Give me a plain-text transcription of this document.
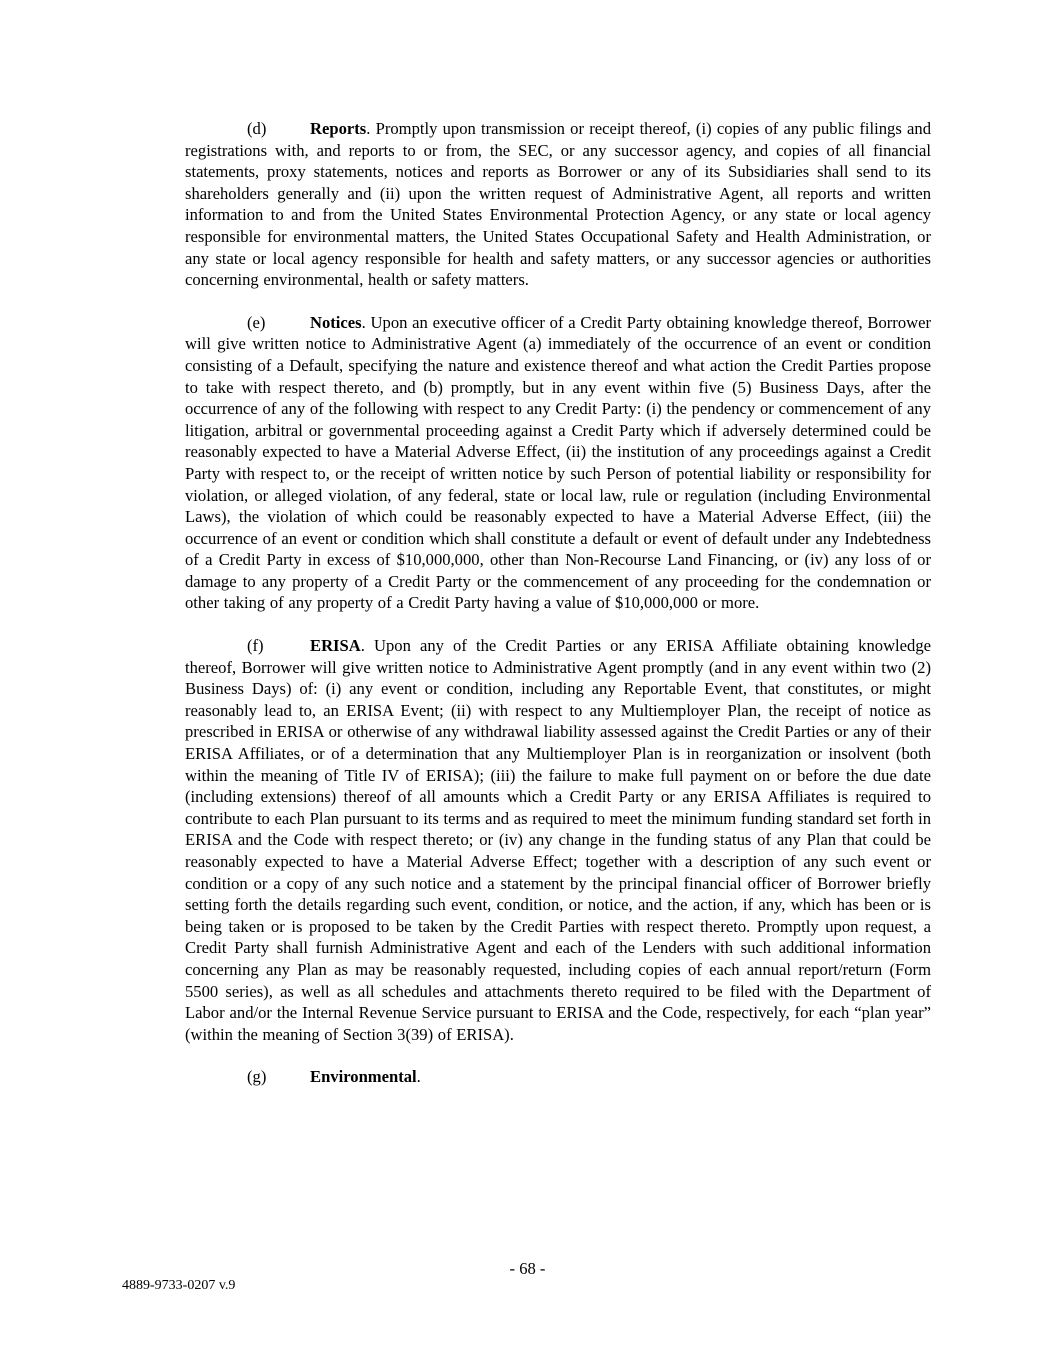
(d)	Reports. Promptly upon transmission or receipt thereof, (i) copies of any public filings and registrations with, and reports to or from, the SEC, or any successor agency, and copies of all financial statements, proxy statements, notices and reports as Borrower or any of its Subsidiaries shall send to its shareholders generally and (ii) upon the written request of Administrative Agent, all reports and written information to and from the United States Environmental Protection Agency, or any state or local agency responsible for environmental matters, the United States Occupational Safety and Health Administration, or any state or local agency responsible for health and safety matters, or any successor agencies or authorities concerning environmental, health or safety matters.

(e)	Notices. Upon an executive officer of a Credit Party obtaining knowledge thereof, Borrower will give written notice to Administrative Agent (a) immediately of the occurrence of an event or condition consisting of a Default, specifying the nature and existence thereof and what action the Credit Parties propose to take with respect thereto, and (b) promptly, but in any event within five (5) Business Days, after the occurrence of any of the following with respect to any Credit Party: (i) the pendency or commencement of any litigation, arbitral or governmental proceeding against a Credit Party which if adversely determined could be reasonably expected to have a Material Adverse Effect, (ii) the institution of any proceedings against a Credit Party with respect to, or the receipt of written notice by such Person of potential liability or responsibility for violation, or alleged violation, of any federal, state or local law, rule or regulation (including Environmental Laws), the violation of which could be reasonably expected to have a Material Adverse Effect, (iii) the occurrence of an event or condition which shall constitute a default or event of default under any Indebtedness of a Credit Party in excess of $10,000,000, other than Non-Recourse Land Financing, or (iv) any loss of or damage to any property of a Credit Party or the commencement of any proceeding for the condemnation or other taking of any property of a Credit Party having a value of $10,000,000 or more.

(f)	ERISA. Upon any of the Credit Parties or any ERISA Affiliate obtaining knowledge thereof, Borrower will give written notice to Administrative Agent promptly (and in any event within two (2) Business Days) of: (i) any event or condition, including any Reportable Event, that constitutes, or might reasonably lead to, an ERISA Event; (ii) with respect to any Multiemployer Plan, the receipt of notice as prescribed in ERISA or otherwise of any withdrawal liability assessed against the Credit Parties or any of their ERISA Affiliates, or of a determination that any Multiemployer Plan is in reorganization or insolvent (both within the meaning of Title IV of ERISA); (iii) the failure to make full payment on or before the due date (including extensions) thereof of all amounts which a Credit Party or any ERISA Affiliates is required to contribute to each Plan pursuant to its terms and as required to meet the minimum funding standard set forth in ERISA and the Code with respect thereto; or (iv) any change in the funding status of any Plan that could be reasonably expected to have a Material Adverse Effect; together with a description of any such event or condition or a copy of any such notice and a statement by the principal financial officer of Borrower briefly setting forth the details regarding such event, condition, or notice, and the action, if any, which has been or is being taken or is proposed to be taken by the Credit Parties with respect thereto. Promptly upon request, a Credit Party shall furnish Administrative Agent and each of the Lenders with such additional information concerning any Plan as may be reasonably requested, including copies of each annual report/return (Form 5500 series), as well as all schedules and attachments thereto required to be filed with the Department of Labor and/or the Internal Revenue Service pursuant to ERISA and the Code, respectively, for each “plan year” (within the meaning of Section 3(39) of ERISA).

(g)	Environmental.

- 68 -
4889-9733-0207 v.9
